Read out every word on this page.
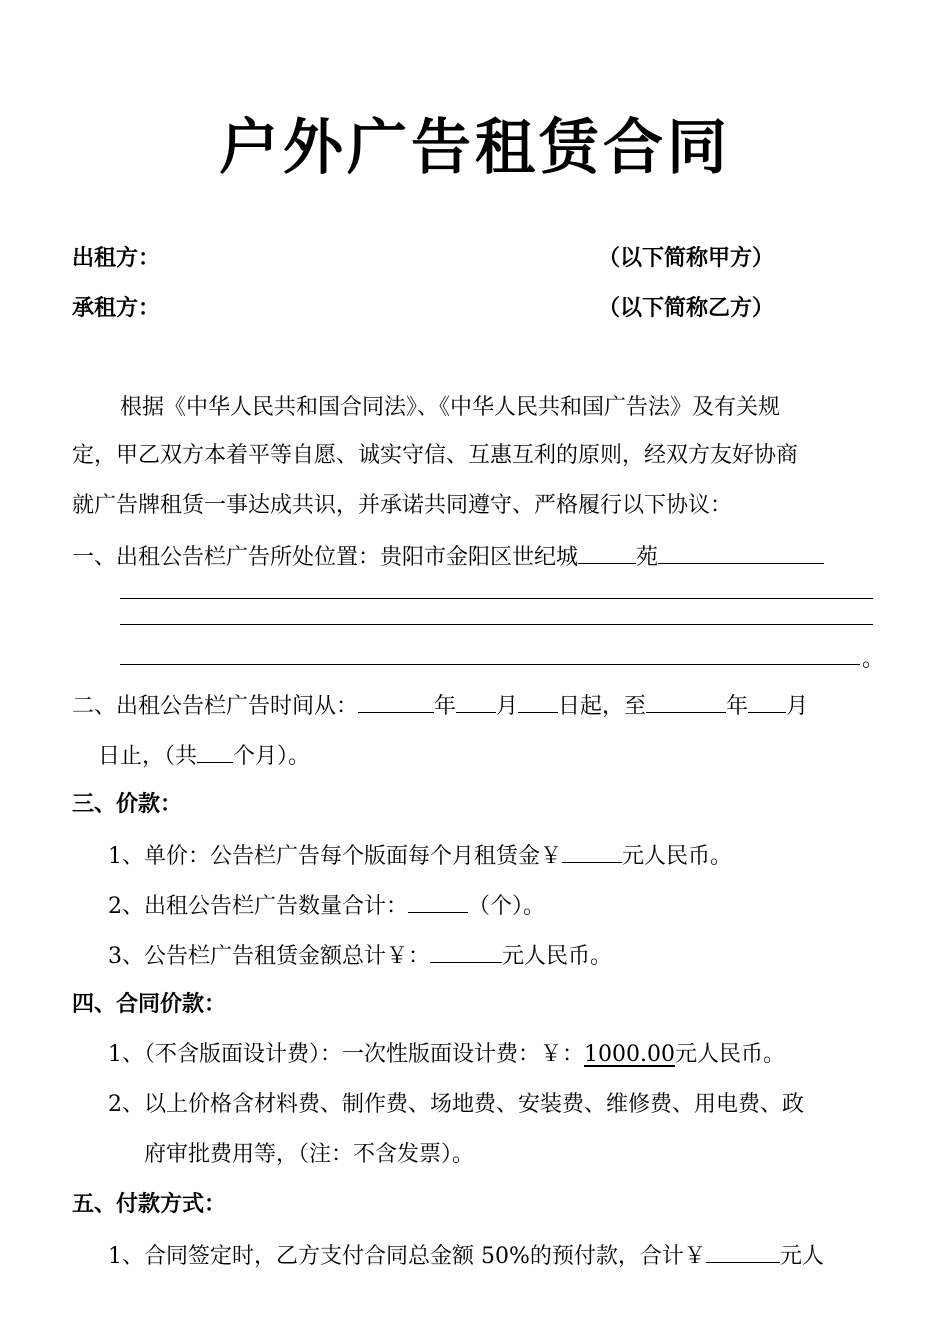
户外广告租赁合同
出租方：	（以下简称甲方）
承租方：	（以下简称乙方）
根据《中华人民共和国合同法》、《中华人民共和国广告法》及有关规
定，甲乙双方本着平等自愿、诚实守信、互惠互利的原则，经双方友好协商
就广告牌租赁一事达成共识，并承诺共同遵守、严格履行以下协议：
一、出租公告栏广告所处位置：贵阳市金阳区世纪城	苑
。
二、出租公告栏广告时间从：	年 月 日起，至	年 月
日止，（共 个月）。
三、价款：
1、单价：公告栏广告每个版面每个月租赁金￥	元人民币。
2、出租公告栏广告数量合计：	（个）。
3、公告栏广告租赁金额总计￥：	元人民币。
四、合同价款：
1、（不含版面设计费）：一次性版面设计费：￥：1000.00元人民币。
2、以上价格含材料费、制作费、场地费、安装费、维修费、用电费、政
府审批费用等，（注：不含发票）。
五、付款方式：
1、合同签定时，乙方支付合同总金额 50%的预付款，合计￥	元人
